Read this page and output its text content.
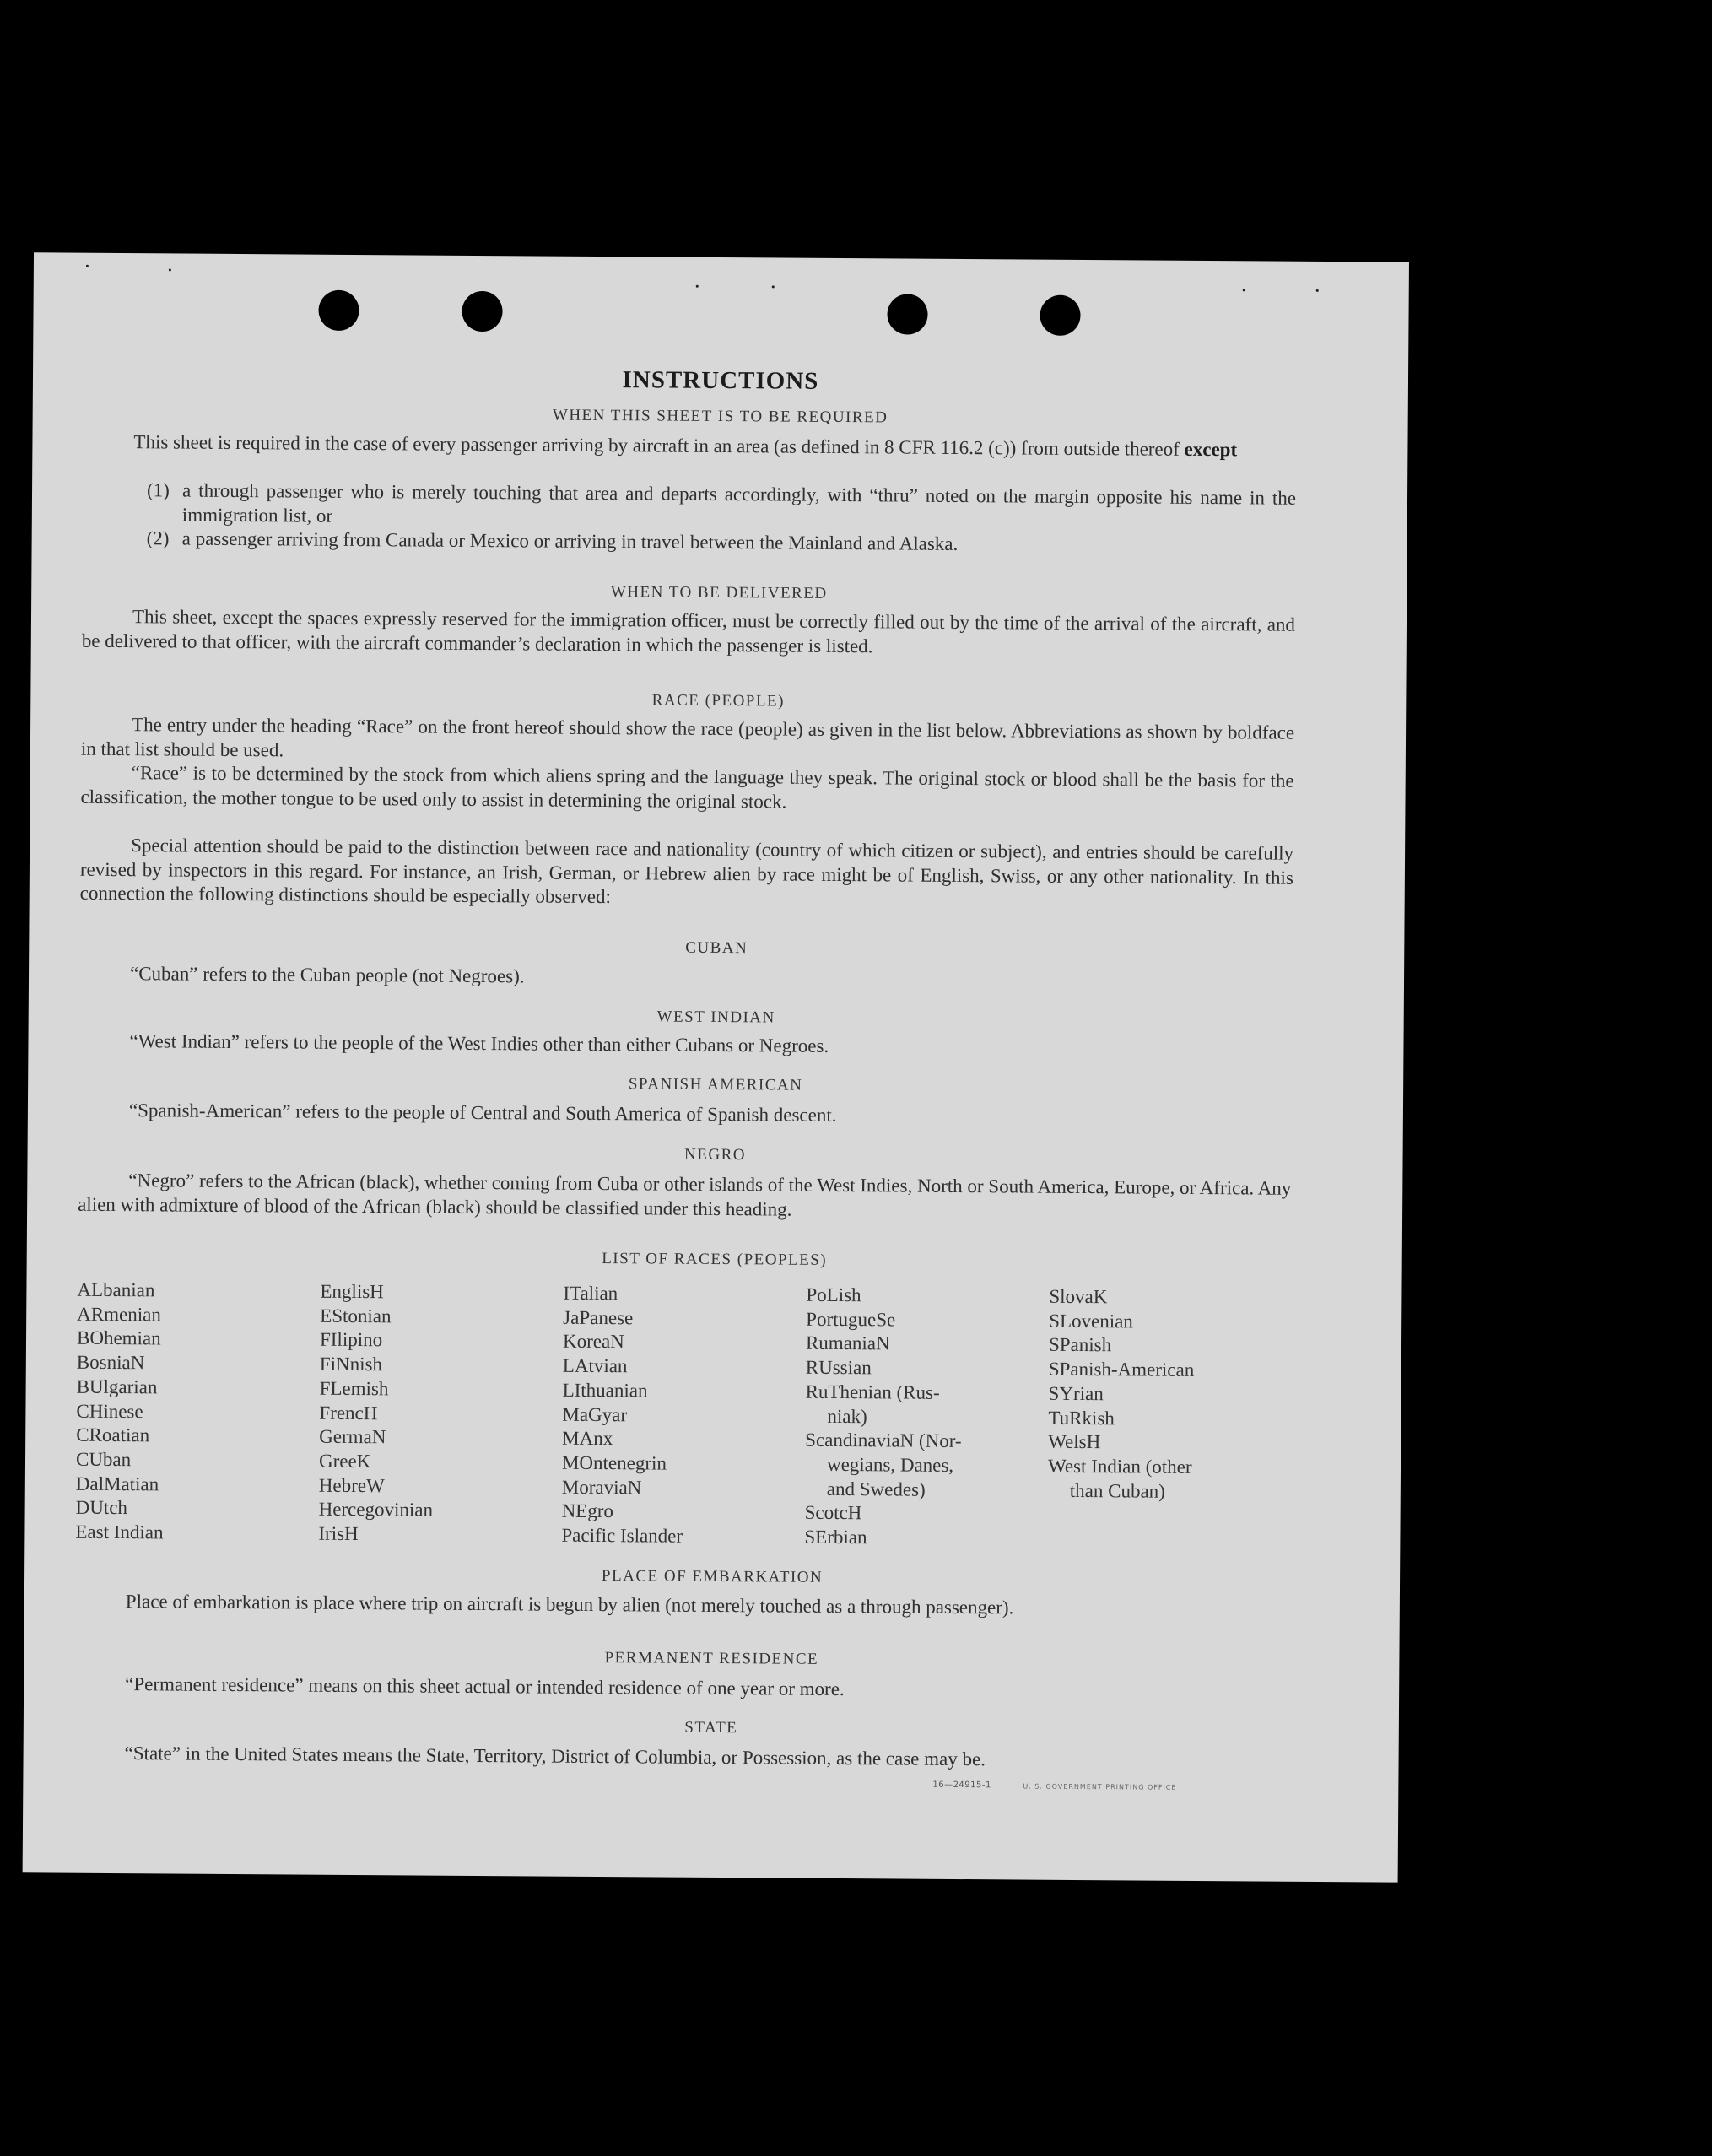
INSTRUCTIONS
WHEN THIS SHEET IS TO BE REQUIRED
This sheet is required in the case of every passenger arriving by aircraft in an area (as defined in 8 CFR 116.2 (c)) from outside thereof except
(1) a through passenger who is merely touching that area and departs accordingly, with “thru” noted on the margin opposite his name in the immigration list, or
(2) a passenger arriving from Canada or Mexico or arriving in travel between the Mainland and Alaska.
WHEN TO BE DELIVERED
This sheet, except the spaces expressly reserved for the immigration officer, must be correctly filled out by the time of the arrival of the aircraft, and be delivered to that officer, with the aircraft commander’s declaration in which the passenger is listed.
RACE (PEOPLE)
The entry under the heading “Race” on the front hereof should show the race (people) as given in the list below. Abbreviations as shown by boldface in that list should be used.
“Race” is to be determined by the stock from which aliens spring and the language they speak. The original stock or blood shall be the basis for the classification, the mother tongue to be used only to assist in determining the original stock.
Special attention should be paid to the distinction between race and nationality (country of which citizen or subject), and entries should be carefully revised by inspectors in this regard. For instance, an Irish, German, or Hebrew alien by race might be of English, Swiss, or any other nationality. In this connection the following distinctions should be especially observed:
CUBAN
“Cuban” refers to the Cuban people (not Negroes).
WEST INDIAN
“West Indian” refers to the people of the West Indies other than either Cubans or Negroes.
SPANISH AMERICAN
“Spanish-American” refers to the people of Central and South America of Spanish descent.
NEGRO
“Negro” refers to the African (black), whether coming from Cuba or other islands of the West Indies, North or South America, Europe, or Africa. Any alien with admixture of blood of the African (black) should be classified under this heading.
LIST OF RACES (PEOPLES)
ALbanian
ARmenian
BOhemian
BosniaN
BUlgarian
CHinese
CRoatian
CUban
DalMatian
DUtch
East Indian
EnglisH
EStonian
FIlipino
FiNnish
FLemish
FrencH
GermaN
GreeK
HebreW
Hercegovinian
IrisH
ITalian
JaPanese
KoreaN
LAtvian
LIthuanian
MaGyar
MAnx
MOntenegrin
MoraviaN
NEgro
Pacific Islander
PoLish
PortugueSe
RumaniaN
RUssian
RuThenian (Rus-
niak)
ScandinaviaN (Nor-
wegians, Danes,
and Swedes)
ScotcH
SErbian
SlovaK
SLovenian
SPanish
SPanish-American
SYrian
TuRkish
WelsH
West Indian (other
than Cuban)
PLACE OF EMBARKATION
Place of embarkation is place where trip on aircraft is begun by alien (not merely touched as a through passenger).
PERMANENT RESIDENCE
“Permanent residence” means on this sheet actual or intended residence of one year or more.
STATE
“State” in the United States means the State, Territory, District of Columbia, or Possession, as the case may be.
16—24915-1	U. S. GOVERNMENT PRINTING OFFICE
